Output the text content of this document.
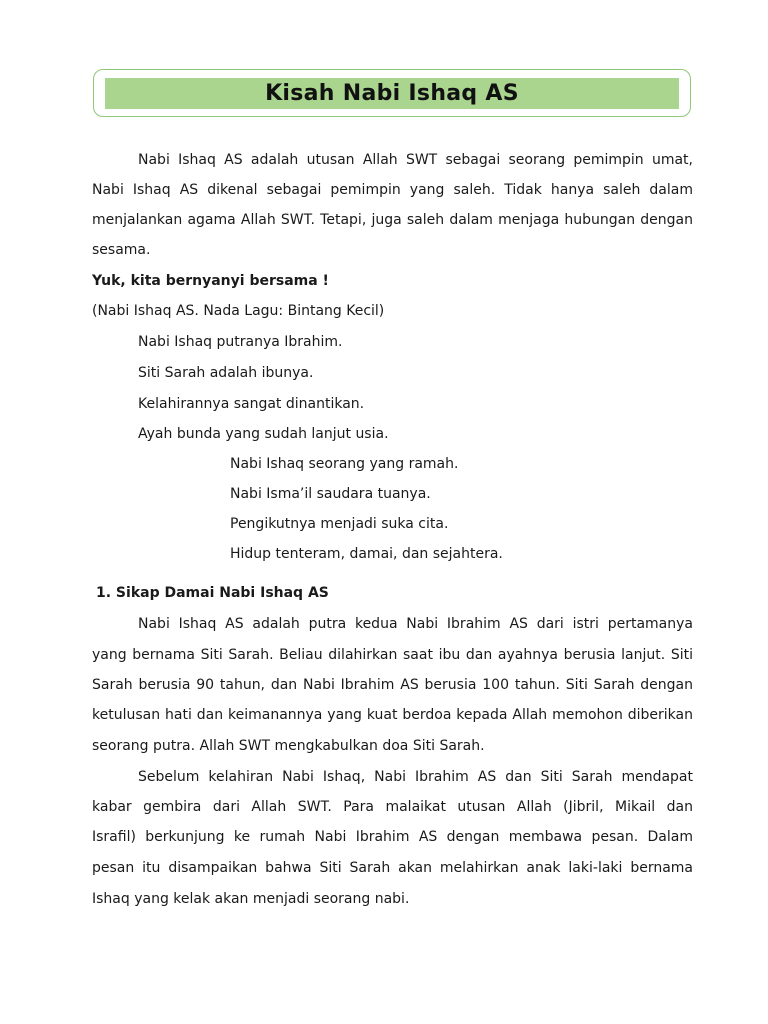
Kisah Nabi Ishaq AS
Nabi Ishaq AS adalah utusan Allah SWT sebagai seorang pemimpin umat,
Nabi Ishaq AS dikenal sebagai pemimpin yang saleh. Tidak hanya saleh dalam
menjalankan agama Allah SWT. Tetapi, juga saleh dalam menjaga hubungan dengan
sesama.
Yuk, kita bernyanyi bersama !
(Nabi Ishaq AS. Nada Lagu: Bintang Kecil)
Nabi Ishaq putranya Ibrahim.
Siti Sarah adalah ibunya.
Kelahirannya sangat dinantikan.
Ayah bunda yang sudah lanjut usia.
Nabi Ishaq seorang yang ramah.
Nabi Isma’il saudara tuanya.
Pengikutnya menjadi suka cita.
Hidup tenteram, damai, dan sejahtera.
1. Sikap Damai Nabi Ishaq AS
Nabi Ishaq AS adalah putra kedua Nabi Ibrahim AS dari istri pertamanya
yang bernama Siti Sarah. Beliau dilahirkan saat ibu dan ayahnya berusia lanjut. Siti
Sarah berusia 90 tahun, dan Nabi Ibrahim AS berusia 100 tahun. Siti Sarah dengan
ketulusan hati dan keimanannya yang kuat berdoa kepada Allah memohon diberikan
seorang putra. Allah SWT mengkabulkan doa Siti Sarah.
Sebelum kelahiran Nabi Ishaq, Nabi Ibrahim AS dan Siti Sarah mendapat
kabar gembira dari Allah SWT. Para malaikat utusan Allah (Jibril, Mikail dan
Israfil) berkunjung ke rumah Nabi Ibrahim AS dengan membawa pesan. Dalam
pesan itu disampaikan bahwa Siti Sarah akan melahirkan anak laki-laki bernama
Ishaq yang kelak akan menjadi seorang nabi.
